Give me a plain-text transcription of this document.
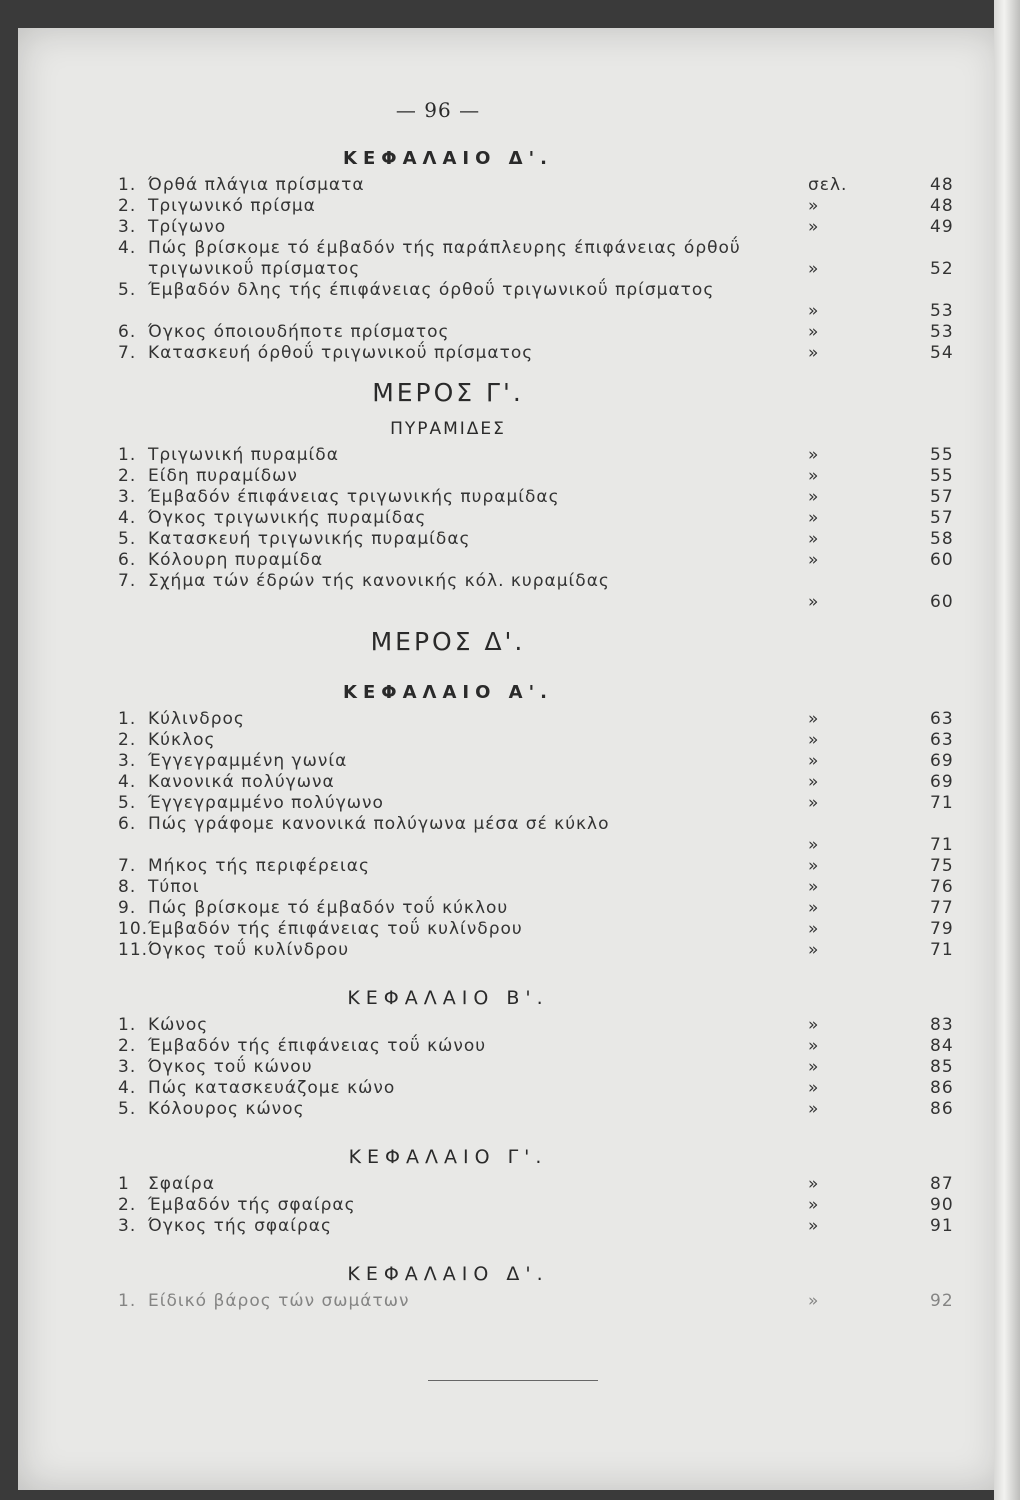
— 96 —
ΚΕΦΑΛΑΙΟ Δ'.
1. Όρθά πλάγια πρίσματα	σελ.	48
2. Τριγωνικό πρίσμα	»	48
3. Τρίγωνο	»	49
4. Πώς βρίσκομε τό έμβαδόν τής παράπλευρης έπιφάνειας όρθοΰ τριγωνικοΰ πρίσματος	»	52
5. Έμβαδόν δλης τής έπιφάνειας όρθοΰ τριγωνικοΰ πρίσματος
»	53
6. Όγκος όποιουδήποτε πρίσματος	»	53
7. Κατασκευή όρθοΰ τριγωνικοΰ πρίσματος	»	54
ΜΕΡΟΣ Γ'.
ΠΥΡΑΜΙΔΕΣ
1. Τριγωνική πυραμίδα	»	55
2. Είδη πυραμίδων	»	55
3. Έμβαδόν έπιφάνειας τριγωνικής πυραμίδας	»	57
4. Όγκος τριγωνικής πυραμίδας	»	57
5. Κατασκευή τριγωνικής πυραμίδας	»	58
6. Κόλουρη πυραμίδα	»	60
7. Σχήμα τών έδρών τής κανονικής κόλ. κυραμίδας
»	60
ΜΕΡΟΣ Δ'.
ΚΕΦΑΛΑΙΟ Α'.
1. Κύλινδρος	»	63
2. Κύκλος	»	63
3. Έγγεγραμμένη γωνία	»	69
4. Κανονικά πολύγωνα	»	69
5. Έγγεγραμμένο πολύγωνο	»	71
6. Πώς γράφομε κανονικά πολύγωνα μέσα σέ κύκλο
»	71
7. Μήκος τής περιφέρειας	»	75
8. Τύποι	»	76
9. Πώς βρίσκομε τό έμβαδόν τοΰ κύκλου	»	77
10. Έμβαδόν τής έπιφάνειας τοΰ κυλίνδρου	»	79
11. Όγκος τοΰ κυλίνδρου	»	71
ΚΕΦΑΛΑΙΟ Β'.
1. Κώνος	»	83
2. Έμβαδόν τής έπιφάνειας τοΰ κώνου	»	84
3. Όγκος τοΰ κώνου	»	85
4. Πώς κατασκευάζομε κώνο	»	86
5. Κόλουρος κώνος	»	86
ΚΕΦΑΛΑΙΟ Γ'.
1	Σφαίρα	»	87
2. Έμβαδόν τής σφαίρας	»	90
3. Όγκος τής σφαίρας	»	91
ΚΕΦΑΛΑΙΟ Δ'.
1. Είδικό βάρος τών σωμάτων	»	92
